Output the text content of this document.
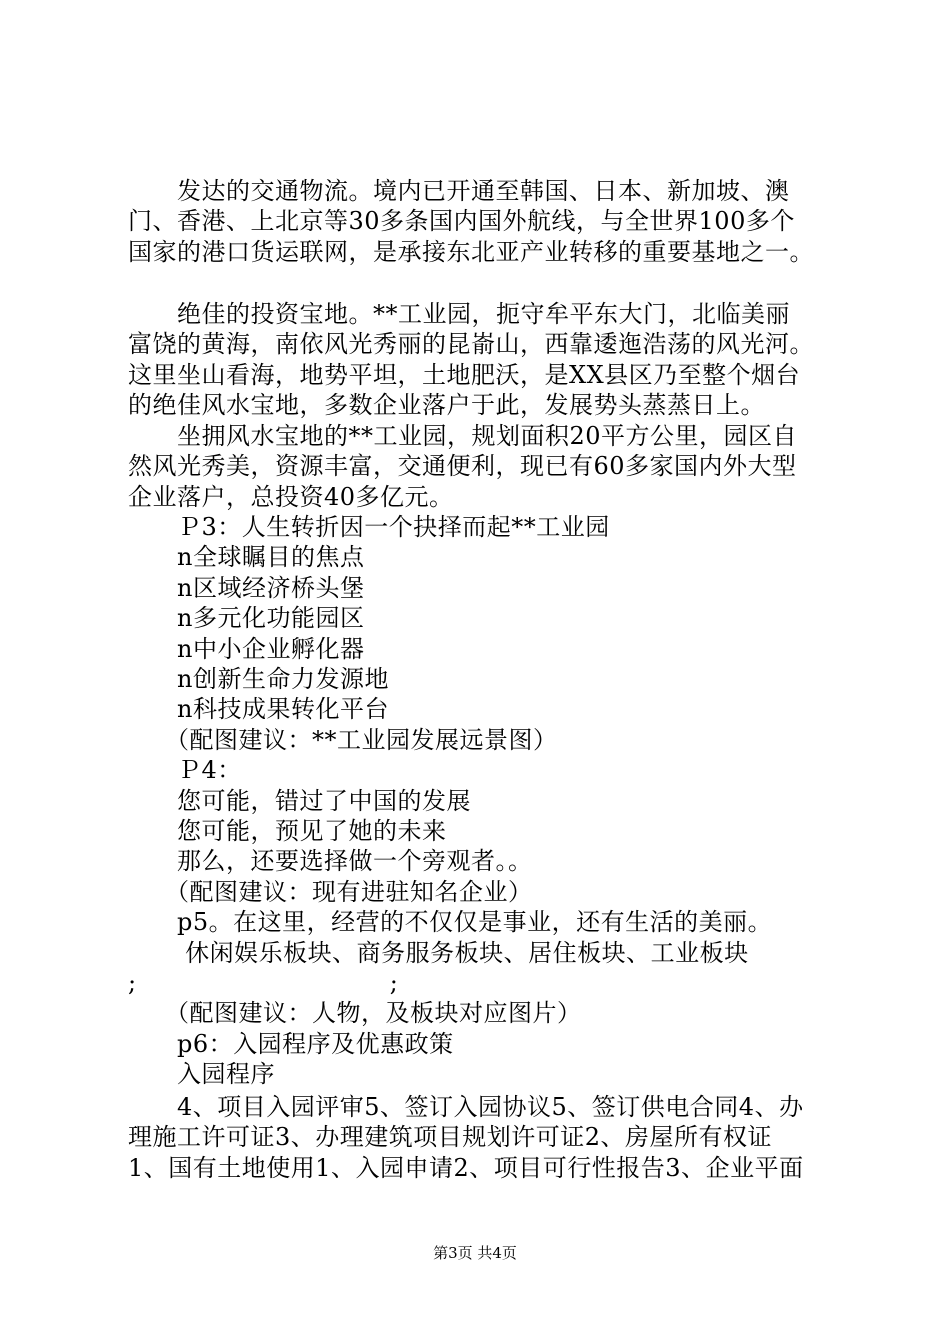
　　发达的交通物流。境内已开通至韩国、日本、新加坡、澳
门、香港、上北京等30多条国内国外航线，与全世界100多个
国家的港口货运联网，是承接东北亚产业转移的重要基地之一。
　　绝佳的投资宝地。**工业园，扼守牟平东大门，北临美丽
富饶的黄海，南依风光秀丽的昆嵛山，西靠逶迤浩荡的风光河。
这里坐山看海，地势平坦，土地肥沃，是XX县区乃至整个烟台
的绝佳风水宝地，多数企业落户于此，发展势头蒸蒸日上。
　　坐拥风水宝地的**工业园，规划面积20平方公里，园区自
然风光秀美，资源丰富，交通便利，现已有60多家国内外大型
企业落户，总投资40多亿元。
　　Ｐ3：人生转折因一个抉择而起**工业园
　　n全球瞩目的焦点
　　n区域经济桥头堡
　　n多元化功能园区
　　n中小企业孵化器
　　n创新生命力发源地
　　n科技成果转化平台
　　（配图建议：**工业园发展远景图）
　　Ｐ4：
　　您可能，错过了中国的发展
　　您可能，预见了她的未来
　　那么，还要选择做一个旁观者。。
　　（配图建议：现有进驻知名企业）
　　p5。在这里，经营的不仅仅是事业，还有生活的美丽。
　　 休闲娱乐板块、商务服务板块、居住板块、工业板块
;　　　　　　　　　　 ;
　　（配图建议：人物，及板块对应图片）
　　p6：入园程序及优惠政策
　　入园程序
　　4、项目入园评审5、签订入园协议5、签订供电合同4、办
理施工许可证3、办理建筑项目规划许可证2、房屋所有权证
1、国有土地使用1、入园申请2、项目可行性报告3、企业平面
第3页 共4页
